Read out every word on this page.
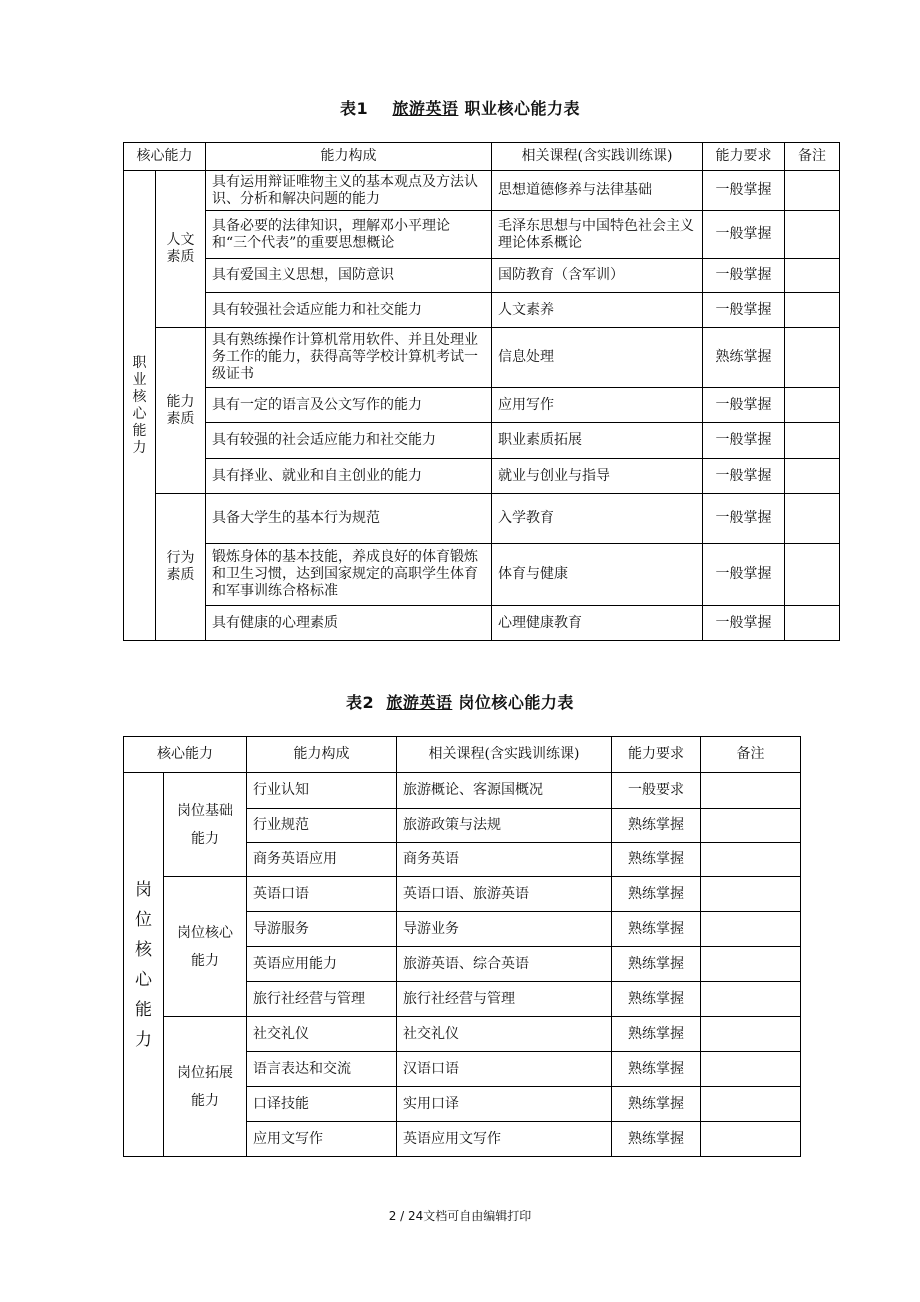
表1 旅游英语 职业核心能力表
核心能力		能力构成	相关课程(含实践训练课)	能力要求	备注

职业核心能力	人文素质	具有运用辩证唯物主义的基本观点及方法认识、分析和解决问题的能力	思想道德修养与法律基础	一般掌握	
		具备必要的法律知识，理解邓小平理论和“三个代表”的重要思想概论	毛泽东思想与中国特色社会主义理论体系概论	一般掌握	
		具有爱国主义思想，国防意识	国防教育（含军训）	一般掌握	
		具有较强社会适应能力和社交能力	人文素养	一般掌握	

	能力素质	具有熟练操作计算机常用软件、并且处理业务工作的能力，获得高等学校计算机考试一级证书	信息处理	熟练掌握	
		具有一定的语言及公文写作的能力	应用写作	一般掌握	
		具有较强的社会适应能力和社交能力	职业素质拓展	一般掌握	
		具有择业、就业和自主创业的能力	就业与创业与指导	一般掌握	

	行为素质	具备大学生的基本行为规范	入学教育	一般掌握	
		锻炼身体的基本技能，养成良好的体育锻炼和卫生习惯，达到国家规定的高职学生体育和军事训练合格标准	体育与健康	一般掌握	
		具有健康的心理素质	心理健康教育	一般掌握	
表2 旅游英语 岗位核心能力表
核心能力		能力构成	相关课程(含实践训练课)	能力要求	备注

岗位核心能力	岗位基础能力	行业认知	旅游概论、客源国概况	一般要求	
		行业规范	旅游政策与法规	熟练掌握	
		商务英语应用	商务英语	熟练掌握	
	岗位核心能力	英语口语	英语口语、旅游英语	熟练掌握	
		导游服务	导游业务	熟练掌握	
		英语应用能力	旅游英语、综合英语	熟练掌握	
		旅行社经营与管理	旅行社经营与管理	熟练掌握	
	岗位拓展能力	社交礼仪	社交礼仪	熟练掌握	
		语言表达和交流	汉语口语	熟练掌握	
		口译技能	实用口译	熟练掌握	
		应用文写作	英语应用文写作	熟练掌握	
2 / 24文档可自由编辑打印
